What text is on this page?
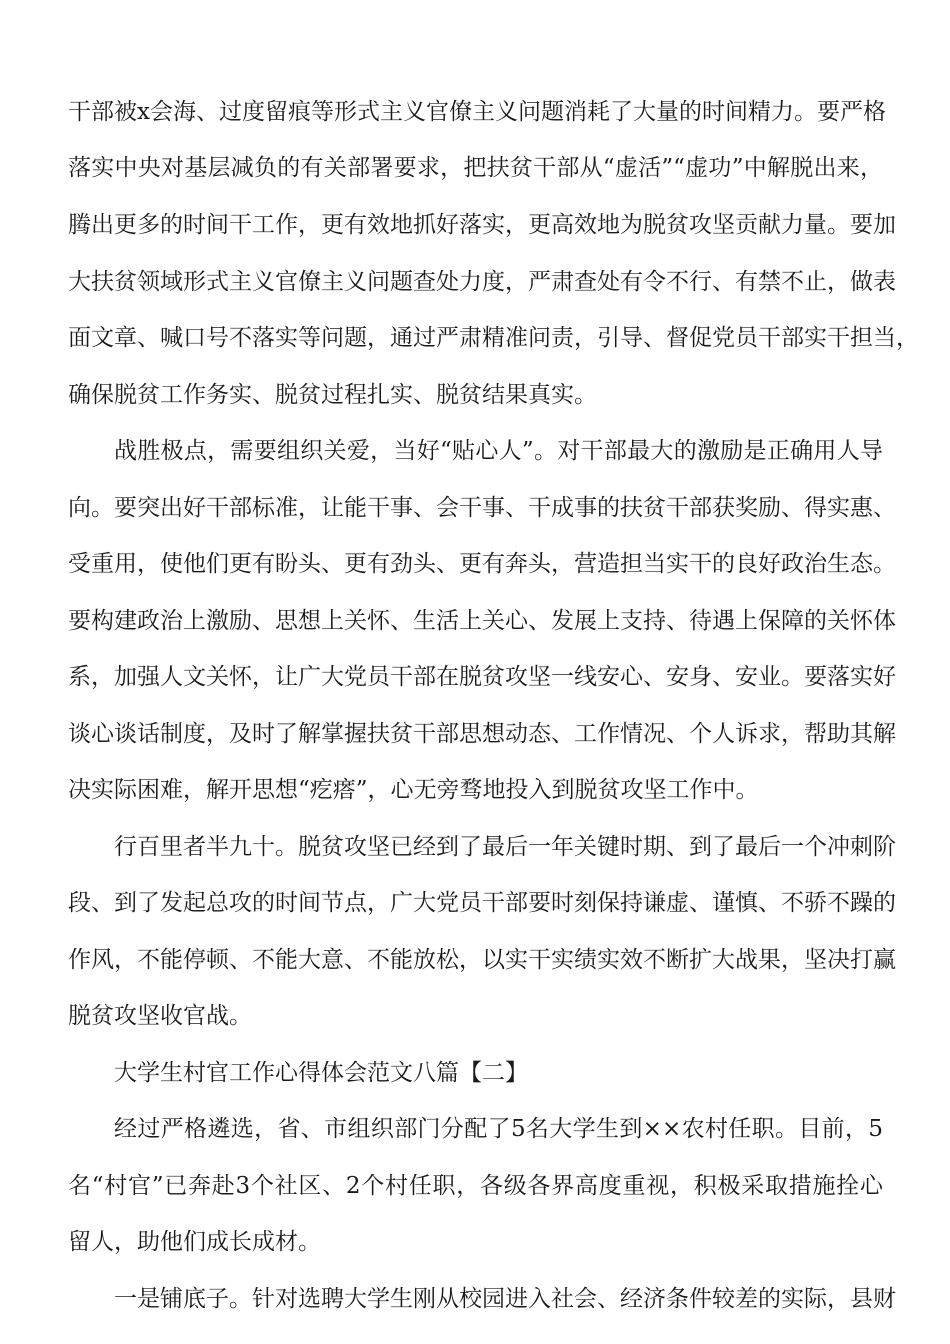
干部被x会海、过度留痕等形式主义官僚主义问题消耗了大量的时间精力。要严格
落实中央对基层减负的有关部署要求，把扶贫干部从“虚活”“虚功”中解脱出来，
腾出更多的时间干工作，更有效地抓好落实，更高效地为脱贫攻坚贡献力量。要加
大扶贫领域形式主义官僚主义问题查处力度，严肃查处有令不行、有禁不止，做表
面文章、喊口号不落实等问题，通过严肃精准问责，引导、督促党员干部实干担当，
确保脱贫工作务实、脱贫过程扎实、脱贫结果真实。
战胜极点，需要组织关爱，当好“贴心人”。对干部最大的激励是正确用人导
向。要突出好干部标准，让能干事、会干事、干成事的扶贫干部获奖励、得实惠、
受重用，使他们更有盼头、更有劲头、更有奔头，营造担当实干的良好政治生态。
要构建政治上激励、思想上关怀、生活上关心、发展上支持、待遇上保障的关怀体
系，加强人文关怀，让广大党员干部在脱贫攻坚一线安心、安身、安业。要落实好
谈心谈话制度，及时了解掌握扶贫干部思想动态、工作情况、个人诉求，帮助其解
决实际困难，解开思想“疙瘩”，心无旁骛地投入到脱贫攻坚工作中。
行百里者半九十。脱贫攻坚已经到了最后一年关键时期、到了最后一个冲刺阶
段、到了发起总攻的时间节点，广大党员干部要时刻保持谦虚、谨慎、不骄不躁的
作风，不能停顿、不能大意、不能放松，以实干实绩实效不断扩大战果，坚决打赢
脱贫攻坚收官战。
大学生村官工作心得体会范文八篇【二】
经过严格遴选，省、市组织部门分配了5名大学生到××农村任职。目前，5
名“村官”已奔赴3个社区、2个村任职，各级各界高度重视，积极采取措施拴心
留人，助他们成长成材。
一是铺底子。针对选聘大学生刚从校园进入社会、经济条件较差的实际，县财
